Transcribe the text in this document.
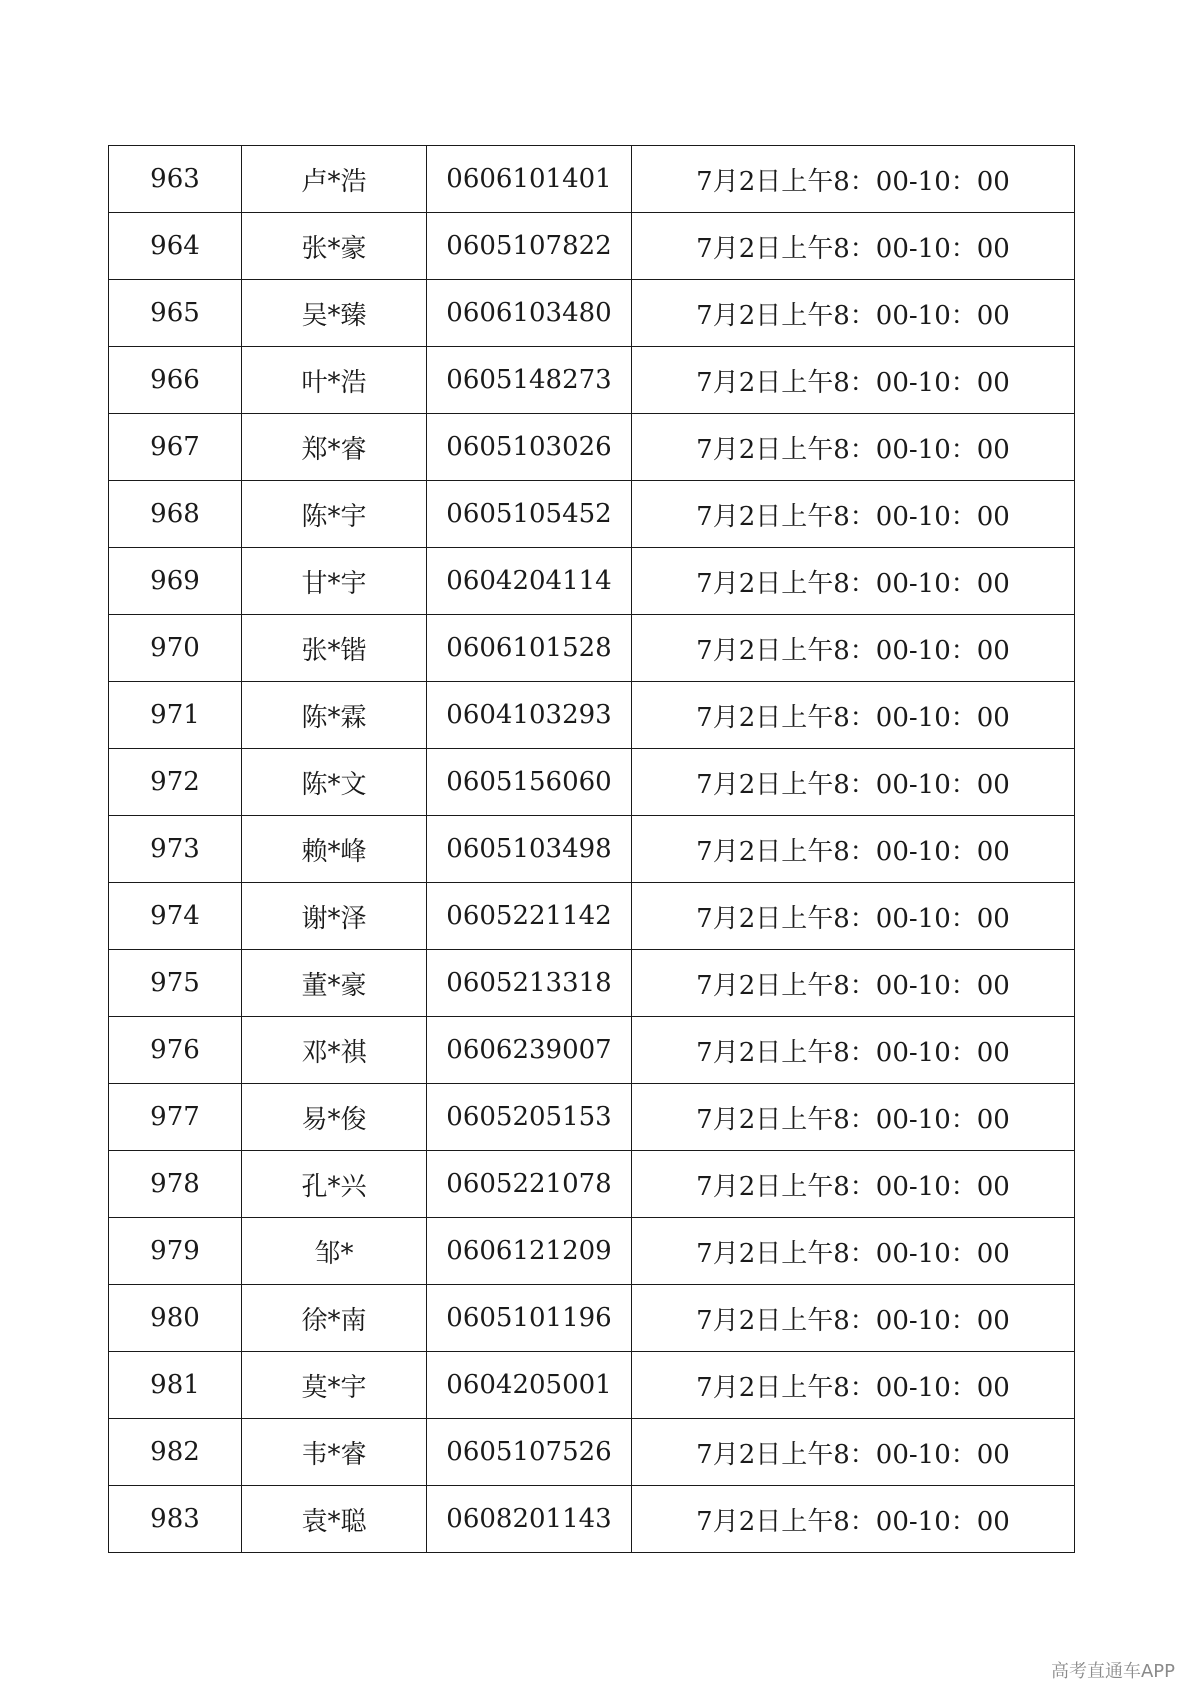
963	卢*浩	0606101401	7月2日上午8：00-10：00
964	张*豪	0605107822	7月2日上午8：00-10：00
965	吴*臻	0606103480	7月2日上午8：00-10：00
966	叶*浩	0605148273	7月2日上午8：00-10：00
967	郑*睿	0605103026	7月2日上午8：00-10：00
968	陈*宇	0605105452	7月2日上午8：00-10：00
969	甘*宇	0604204114	7月2日上午8：00-10：00
970	张*锴	0606101528	7月2日上午8：00-10：00
971	陈*霖	0604103293	7月2日上午8：00-10：00
972	陈*文	0605156060	7月2日上午8：00-10：00
973	赖*峰	0605103498	7月2日上午8：00-10：00
974	谢*泽	0605221142	7月2日上午8：00-10：00
975	董*豪	0605213318	7月2日上午8：00-10：00
976	邓*祺	0606239007	7月2日上午8：00-10：00
977	易*俊	0605205153	7月2日上午8：00-10：00
978	孔*兴	0605221078	7月2日上午8：00-10：00
979	邹*	0606121209	7月2日上午8：00-10：00
980	徐*南	0605101196	7月2日上午8：00-10：00
981	莫*宇	0604205001	7月2日上午8：00-10：00
982	韦*睿	0605107526	7月2日上午8：00-10：00
983	袁*聪	0608201143	7月2日上午8：00-10：00
高考直通车APP
